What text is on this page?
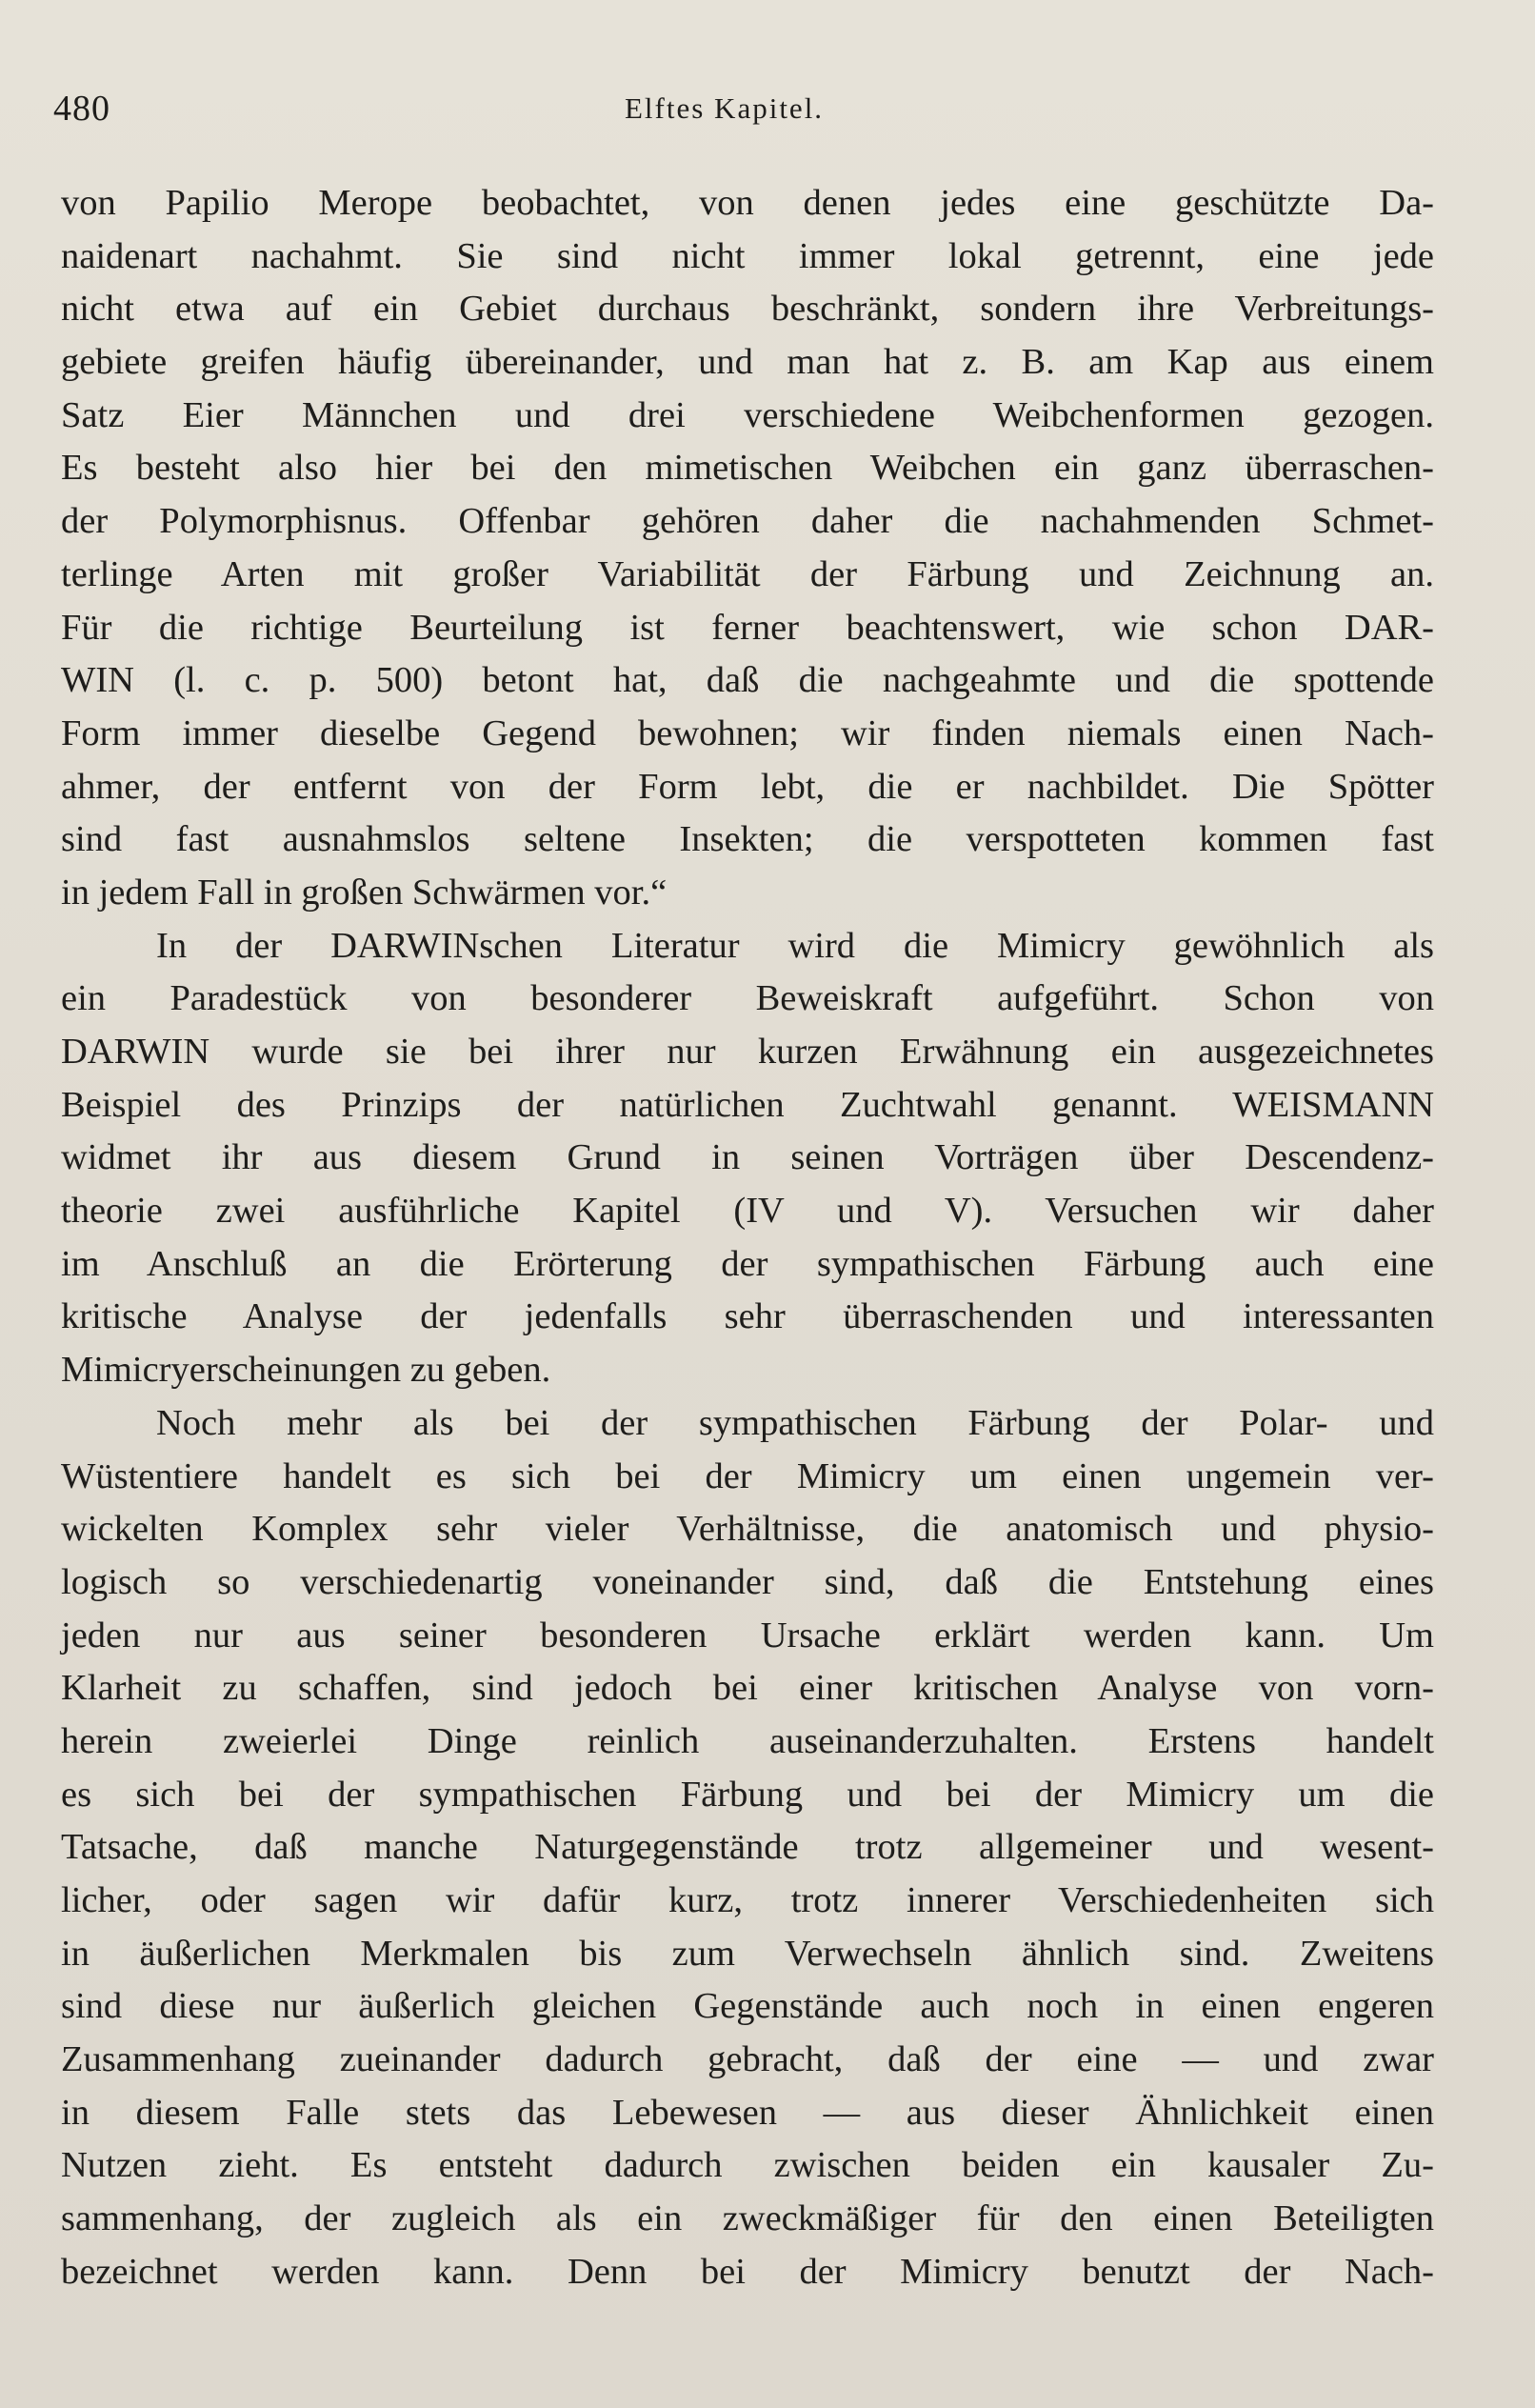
480	Elftes Kapitel.
von Papilio Merope beobachtet, von denen jedes eine geschützte Da-
naidenart nachahmt. Sie sind nicht immer lokal getrennt, eine jede
nicht etwa auf ein Gebiet durchaus beschränkt, sondern ihre Verbreitungs-
gebiete greifen häufig übereinander, und man hat z. B. am Kap aus einem
Satz Eier Männchen und drei verschiedene Weibchenformen gezogen.
Es besteht also hier bei den mimetischen Weibchen ein ganz überraschen-
der Polymorphisnus. Offenbar gehören daher die nachahmenden Schmet-
terlinge Arten mit großer Variabilität der Färbung und Zeichnung an.
Für die richtige Beurteilung ist ferner beachtenswert, wie schon DAR-
WIN (l. c. p. 500) betont hat, daß die nachgeahmte und die spottende
Form immer dieselbe Gegend bewohnen; wir finden niemals einen Nach-
ahmer, der entfernt von der Form lebt, die er nachbildet. Die Spötter
sind fast ausnahmslos seltene Insekten; die verspotteten kommen fast
in jedem Fall in großen Schwärmen vor.“
In der DARWINschen Literatur wird die Mimicry gewöhnlich als
ein Paradestück von besonderer Beweiskraft aufgeführt. Schon von
DARWIN wurde sie bei ihrer nur kurzen Erwähnung ein ausgezeichnetes
Beispiel des Prinzips der natürlichen Zuchtwahl genannt. WEISMANN
widmet ihr aus diesem Grund in seinen Vorträgen über Descendenz-
theorie zwei ausführliche Kapitel (IV und V). Versuchen wir daher
im Anschluß an die Erörterung der sympathischen Färbung auch eine
kritische Analyse der jedenfalls sehr überraschenden und interessanten
Mimicryerscheinungen zu geben.
Noch mehr als bei der sympathischen Färbung der Polar- und
Wüstentiere handelt es sich bei der Mimicry um einen ungemein ver-
wickelten Komplex sehr vieler Verhältnisse, die anatomisch und physio-
logisch so verschiedenartig voneinander sind, daß die Entstehung eines
jeden nur aus seiner besonderen Ursache erklärt werden kann. Um
Klarheit zu schaffen, sind jedoch bei einer kritischen Analyse von vorn-
herein zweierlei Dinge reinlich auseinanderzuhalten. Erstens handelt
es sich bei der sympathischen Färbung und bei der Mimicry um die
Tatsache, daß manche Naturgegenstände trotz allgemeiner und wesent-
licher, oder sagen wir dafür kurz, trotz innerer Verschiedenheiten sich
in äußerlichen Merkmalen bis zum Verwechseln ähnlich sind. Zweitens
sind diese nur äußerlich gleichen Gegenstände auch noch in einen engeren
Zusammenhang zueinander dadurch gebracht, daß der eine — und zwar
in diesem Falle stets das Lebewesen — aus dieser Ähnlichkeit einen
Nutzen zieht. Es entsteht dadurch zwischen beiden ein kausaler Zu-
sammenhang, der zugleich als ein zweckmäßiger für den einen Beteiligten
bezeichnet werden kann. Denn bei der Mimicry benutzt der Nach-
